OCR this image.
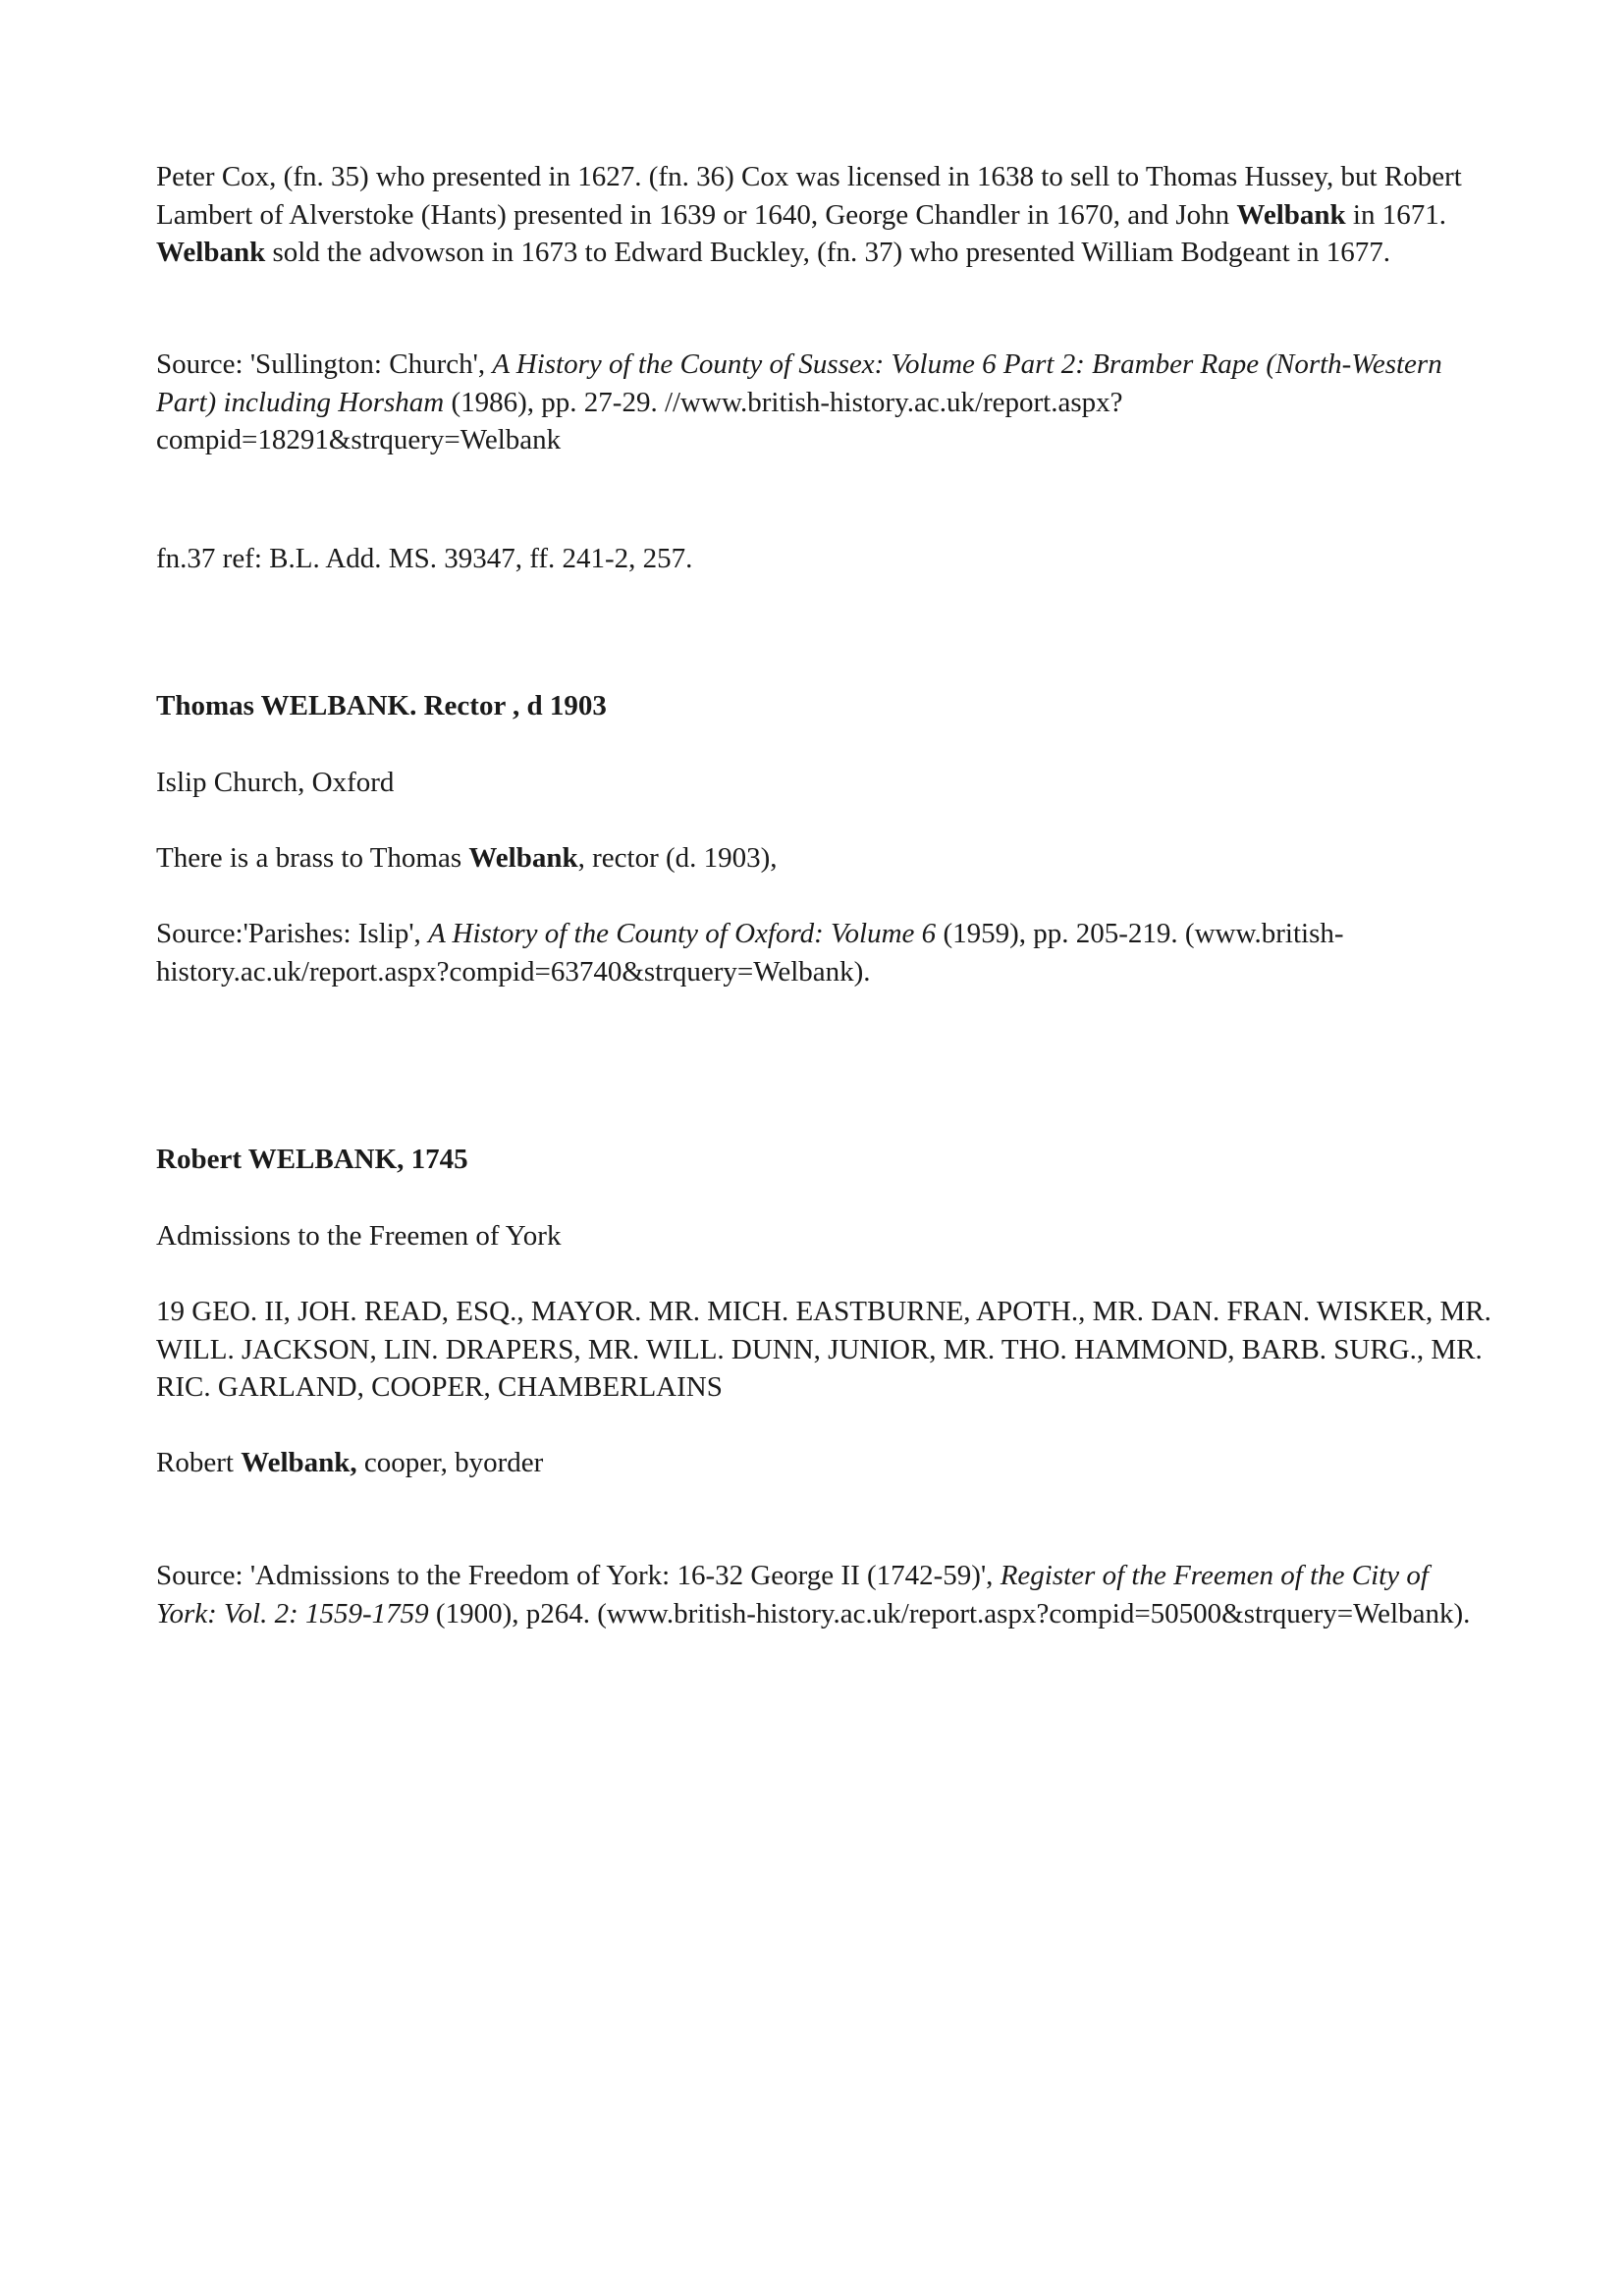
Peter Cox, (fn. 35) who presented in 1627. (fn. 36) Cox was licensed in 1638 to sell to Thomas Hussey, but Robert Lambert of Alverstoke (Hants) presented in 1639 or 1640, George Chandler in 1670, and John Welbank in 1671. Welbank sold the advowson in 1673 to Edward Buckley, (fn. 37) who presented William Bodgeant in 1677.

Source: 'Sullington: Church', A History of the County of Sussex: Volume 6 Part 2: Bramber Rape (North-Western Part) including Horsham (1986), pp. 27-29. //www.british-history.ac.uk/report.aspx?compid=18291&strquery=Welbank

fn.37 ref: B.L. Add. MS. 39347, ff. 241-2, 257.

Thomas WELBANK. Rector , d 1903

Islip Church, Oxford

There is a brass to Thomas Welbank, rector (d. 1903),

Source:'Parishes: Islip', A History of the County of Oxford: Volume 6 (1959), pp. 205-219. (www.british-history.ac.uk/report.aspx?compid=63740&strquery=Welbank).

Robert WELBANK, 1745

Admissions to the Freemen of York

19 GEO. II, JOH. READ, ESQ., MAYOR. MR. MICH. EASTBURNE, APOTH., MR. DAN. FRAN. WISKER, MR. WILL. JACKSON, LIN. DRAPERS, MR. WILL. DUNN, JUNIOR, MR. THO. HAMMOND, BARB. SURG., MR. RIC. GARLAND, COOPER, CHAMBERLAINS

Robert Welbank, cooper, byorder

Source: 'Admissions to the Freedom of York: 16-32 George II (1742-59)', Register of the Freemen of the City of York: Vol. 2: 1559-1759 (1900), p264. (www.british-history.ac.uk/report.aspx?compid=50500&strquery=Welbank).
